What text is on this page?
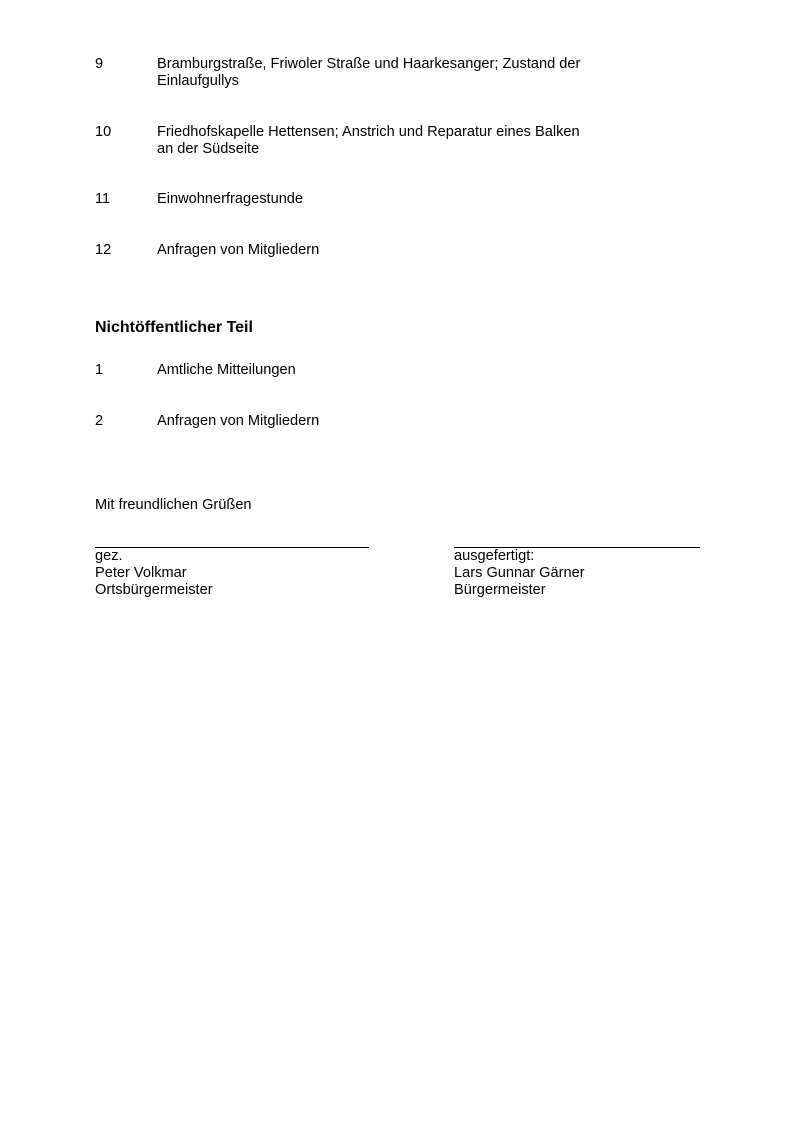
9	Bramburgstraße, Friwoler Straße und Haarkesanger; Zustand der
Einlaufgullys
10	Friedhofskapelle Hettensen; Anstrich und Reparatur eines Balken
an der Südseite
11	Einwohnerfragestunde
12	Anfragen von Mitgliedern
Nichtöffentlicher Teil
1	Amtliche Mitteilungen
2	Anfragen von Mitgliedern
Mit freundlichen Grüßen
gez.
Peter Volkmar
Ortsbürgermeister
ausgefertigt:
Lars Gunnar Gärner
Bürgermeister
